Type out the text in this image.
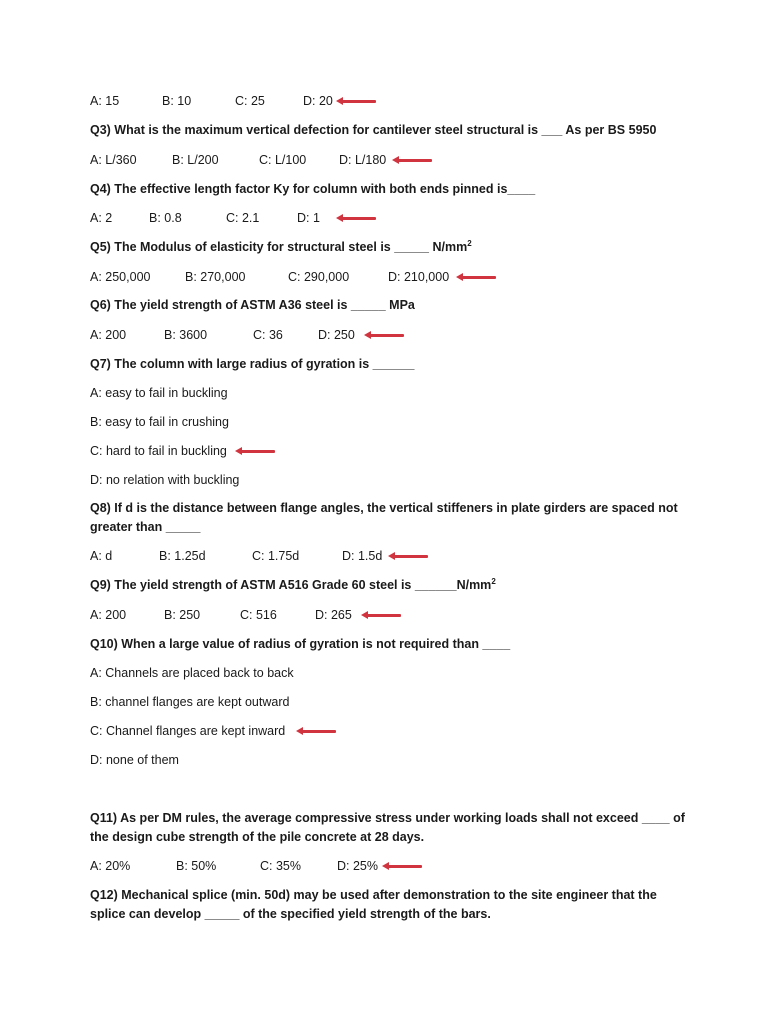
A: 15	B: 10	C: 25	D: 20
Q3) What is the maximum vertical defection for cantilever steel structural is ___ As per BS 5950
A: L/360	B: L/200	C: L/100	D: L/180
Q4) The effective length factor Ky for column with both ends pinned is____
A: 2	B: 0.8	C: 2.1	D: 1
Q5) The Modulus of elasticity for structural steel is _____ $N/mm^2$
A: 250,000	B: 270,000	C: 290,000	D: 210,000
Q6) The yield strength of ASTM A36 steel is _____ MPa
A: 200	B: 3600	C: 36	D: 250
Q7) The column with large radius of gyration is ______
A: easy to fail in buckling
B: easy to fail in crushing
C: hard to fail in buckling
D: no relation with buckling
Q8) If d is the distance between flange angles, the vertical stiffeners in plate girders are spaced not
greater than _____
A: d	B: 1.25d	C: 1.75d	D: 1.5d
Q9) The yield strength of ASTM A516 Grade 60 steel is $\_\_\_\_\_\_N/mm^2$
A: 200	B: 250	C: 516	D: 265
Q10) When a large value of radius of gyration is not required than ____
A: Channels are placed back to back
B: channel flanges are kept outward
C: Channel flanges are kept inward
D: none of them
Q11) As per DM rules, the average compressive stress under working loads shall not exceed ____ of
the design cube strength of the pile concrete at 28 days.
A: 20%	B: 50%	C: 35%	D: 25%
Q12) Mechanical splice (min. 50d) may be used after demonstration to the site engineer that the
splice can develop _____ of the specified yield strength of the bars.
